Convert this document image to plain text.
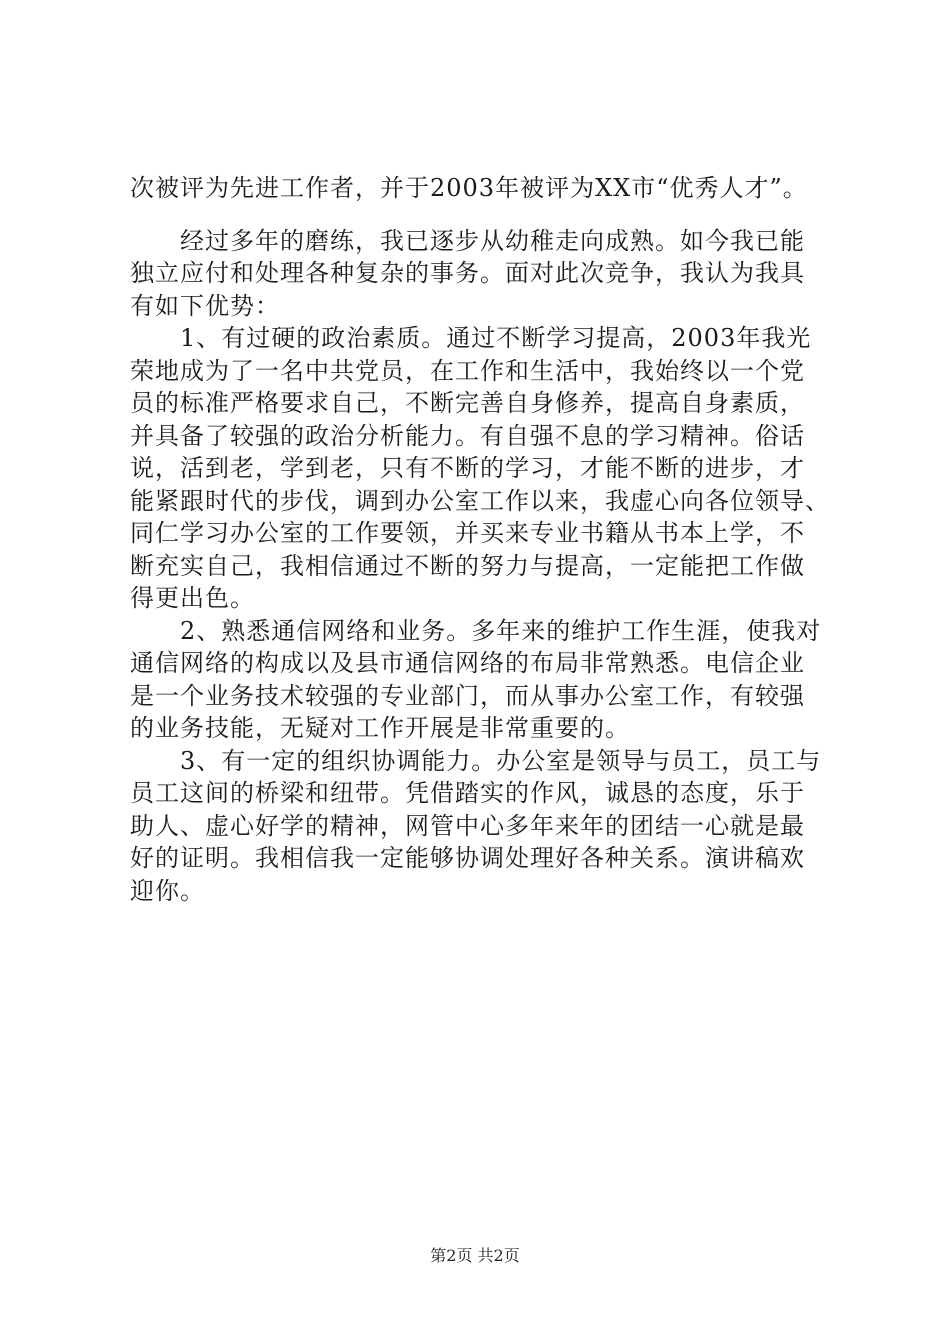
次被评为先进工作者，并于2003年被评为XX市“优秀人才”。
　　经过多年的磨练，我已逐步从幼稚走向成熟。如今我已能
独立应付和处理各种复杂的事务。面对此次竞争，我认为我具
有如下优势：
　　1、有过硬的政治素质。通过不断学习提高，2003年我光
荣地成为了一名中共党员，在工作和生活中，我始终以一个党
员的标准严格要求自己，不断完善自身修养，提高自身素质，
并具备了较强的政治分析能力。有自强不息的学习精神。俗话
说，活到老，学到老，只有不断的学习，才能不断的进步，才
能紧跟时代的步伐，调到办公室工作以来，我虚心向各位领导、
同仁学习办公室的工作要领，并买来专业书籍从书本上学，不
断充实自己，我相信通过不断的努力与提高，一定能把工作做
得更出色。
　　2、熟悉通信网络和业务。多年来的维护工作生涯，使我对
通信网络的构成以及县市通信网络的布局非常熟悉。电信企业
是一个业务技术较强的专业部门，而从事办公室工作，有较强
的业务技能，无疑对工作开展是非常重要的。
　　3、有一定的组织协调能力。办公室是领导与员工，员工与
员工这间的桥梁和纽带。凭借踏实的作风，诚恳的态度，乐于
助人、虚心好学的精神，网管中心多年来年的团结一心就是最
好的证明。我相信我一定能够协调处理好各种关系。演讲稿欢
迎你。
第2页 共2页
